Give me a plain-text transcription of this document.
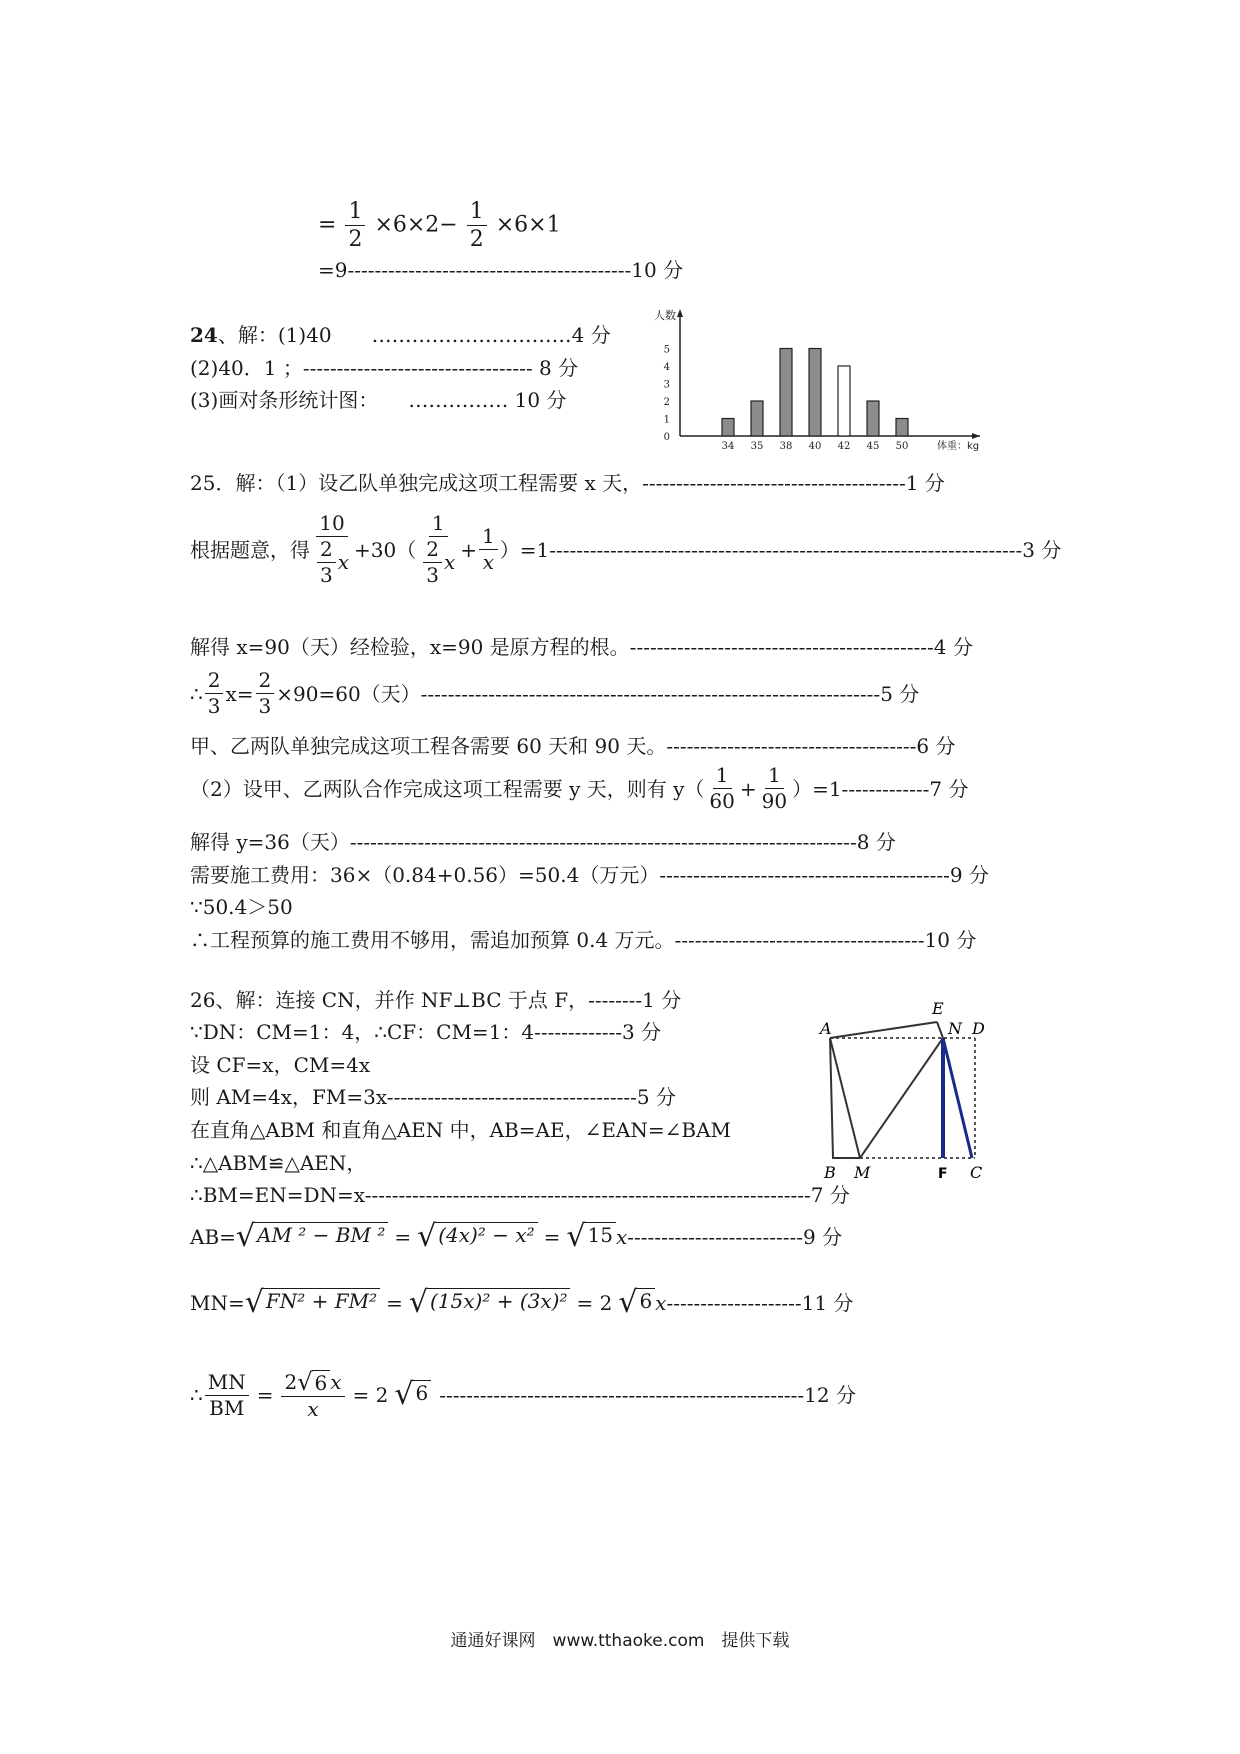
= $\frac{1}{2} \times 6\times 2- \frac{1}{2} \times 6\times 1$
=9------------------------------------------10 分
24、解：(1)40　　…………………………4 分
(2)40．1 ；---------------------------------- 8 分
(3)画对条形统计图：　　…………… 10 分
0
1
2
3
4
5
人数
34 35 38 40 42 45 50	体重：kg
25．解：（1）设乙队单独完成这项工程需要 x 天，---------------------------------------1 分
根据题意，得 $\frac{10}{\frac{2}{3} x} +30( \frac{1}{\frac{2}{3} x} + \frac{1}{x} )=1----------------------------------------------------------------------3$ 分
解得 x=90（天）经检验，x=90 是原方程的根。---------------------------------------------4 分
∴ $\frac{2}{3} x= \frac{2}{3} \times 90=60$（天）--------------------------------------------------------------------5 分
甲、乙两队单独完成这项工程各需要 60 天和 90 天。-------------------------------------6 分
（2）设甲、乙两队合作完成这项工程需要 y 天，则有 $y( \frac{1}{60} + \frac{1}{90} )=1-------------7$ 分
解得 y=36（天）---------------------------------------------------------------------------8 分
需要施工费用：36×（0.84+0.56）=50.4（万元）-------------------------------------------9 分
∵50.4＞50
∴工程预算的施工费用不够用，需追加预算 0.4 万元。-------------------------------------10 分
26、解：连接 CN，并作 NF⊥BC 于点 F，--------1 分
∵DN：CM=1：4，∴CF：CM=1：4-------------3 分
设 CF=x，CM=4x
则 AM=4x，FM=3x-------------------------------------5 分
在直角△ABM 和直角△AEN 中，AB=AE，∠EAN=∠BAM
∴△ABM≌△AEN，
∴BM=EN=DN=x------------------------------------------------------------------7 分
AB= √ AM ² − BM ² = √ (4x)² − x² = √ 15 x --------------------------9 分
MN= √ FN² + FM² = √ (15x)² + (3x)² = 2 √ 6 x --------------------11 分
∴ $\frac{MN}{BM} = \frac{2 √ 6 x}{x} = 2$ √ 6 ------------------------------------------------------12 分
A
B M
E
N D
F C
通通好课网　www.tthaoke.com　提供下载
